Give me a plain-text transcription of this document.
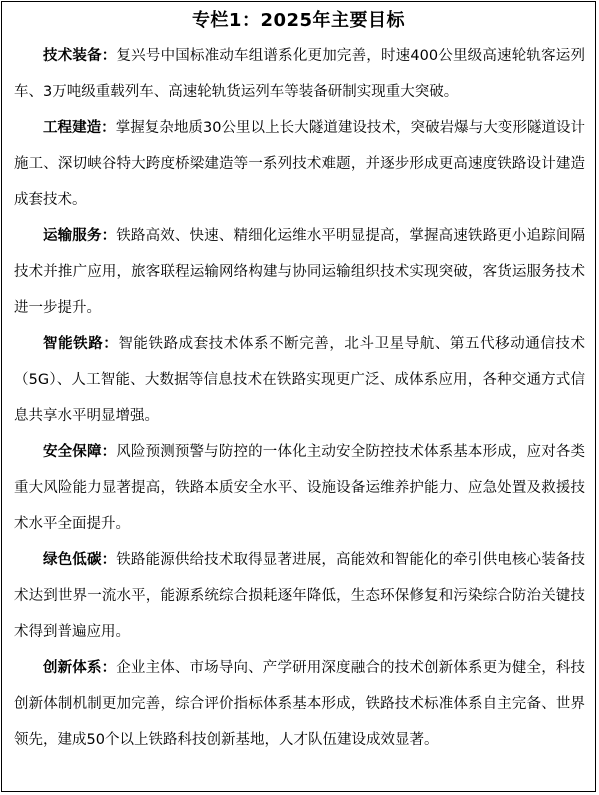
专栏1：2025年主要目标

技术装备：复兴号中国标准动车组谱系化更加完善，时速400公里级高速轮轨客运列车、3万吨级重载列车、高速轮轨货运列车等装备研制实现重大突破。

工程建造：掌握复杂地质30公里以上长大隧道建设技术，突破岩爆与大变形隧道设计施工、深切峡谷特大跨度桥梁建造等一系列技术难题，并逐步形成更高速度铁路设计建造成套技术。

运输服务：铁路高效、快速、精细化运维水平明显提高，掌握高速铁路更小追踪间隔技术并推广应用，旅客联程运输网络构建与协同运输组织技术实现突破，客货运服务技术进一步提升。

智能铁路：智能铁路成套技术体系不断完善，北斗卫星导航、第五代移动通信技术（5G）、人工智能、大数据等信息技术在铁路实现更广泛、成体系应用，各种交通方式信息共享水平明显增强。

安全保障：风险预测预警与防控的一体化主动安全防控技术体系基本形成，应对各类重大风险能力显著提高，铁路本质安全水平、设施设备运维养护能力、应急处置及救援技术水平全面提升。

绿色低碳：铁路能源供给技术取得显著进展，高能效和智能化的牵引供电核心装备技术达到世界一流水平，能源系统综合损耗逐年降低，生态环保修复和污染综合防治关键技术得到普遍应用。

创新体系：企业主体、市场导向、产学研用深度融合的技术创新体系更为健全，科技创新体制机制更加完善，综合评价指标体系基本形成，铁路技术标准体系自主完备、世界领先，建成50个以上铁路科技创新基地，人才队伍建设成效显著。
